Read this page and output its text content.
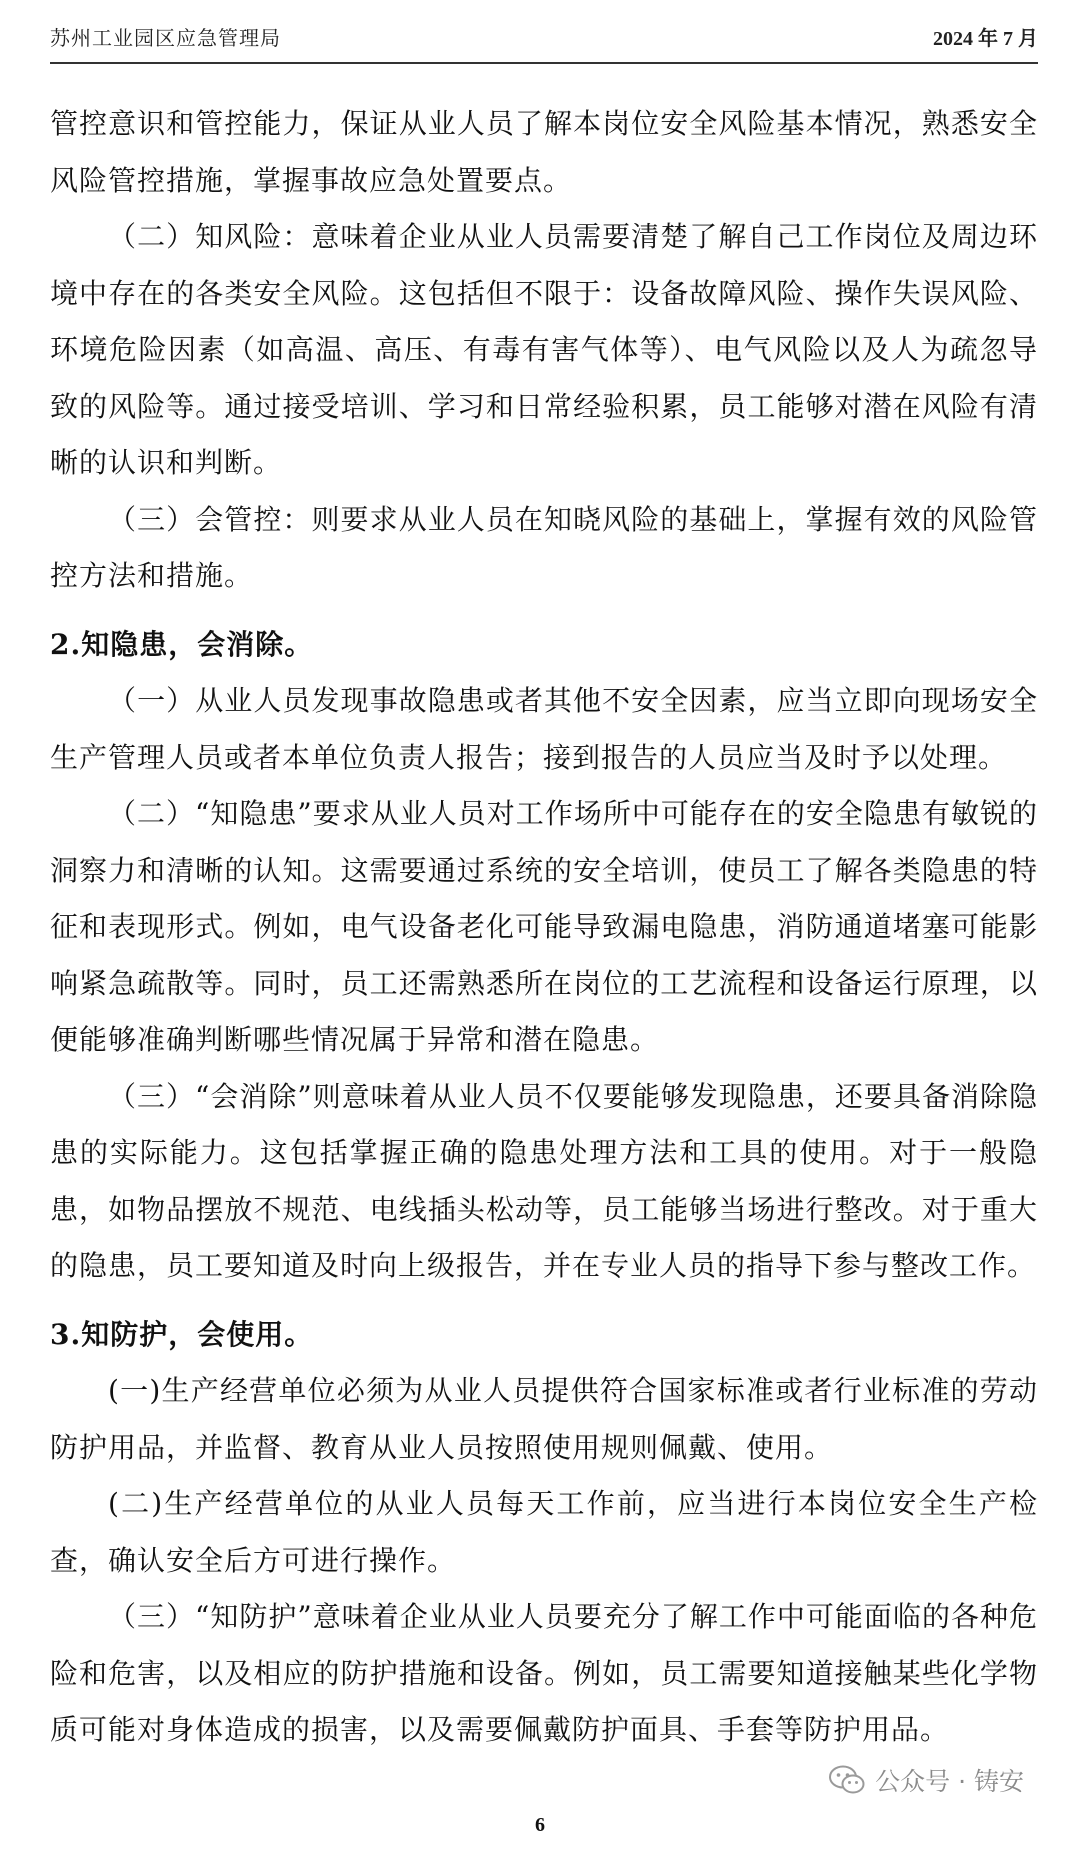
苏州工业园区应急管理局	2024 年 7 月

管控意识和管控能力，保证从业人员了解本岗位安全风险基本情况，熟悉安全风险管控措施，掌握事故应急处置要点。

（二）知风险：意味着企业从业人员需要清楚了解自己工作岗位及周边环境中存在的各类安全风险。这包括但不限于：设备故障风险、操作失误风险、环境危险因素（如高温、高压、有毒有害气体等）、电气风险以及人为疏忽导致的风险等。通过接受培训、学习和日常经验积累，员工能够对潜在风险有清晰的认识和判断。

（三）会管控：则要求从业人员在知晓风险的基础上，掌握有效的风险管控方法和措施。

2.知隐患，会消除。

（一）从业人员发现事故隐患或者其他不安全因素，应当立即向现场安全生产管理人员或者本单位负责人报告；接到报告的人员应当及时予以处理。

（二）“知隐患”要求从业人员对工作场所中可能存在的安全隐患有敏锐的洞察力和清晰的认知。这需要通过系统的安全培训，使员工了解各类隐患的特征和表现形式。例如，电气设备老化可能导致漏电隐患，消防通道堵塞可能影响紧急疏散等。同时，员工还需熟悉所在岗位的工艺流程和设备运行原理，以便能够准确判断哪些情况属于异常和潜在隐患。

（三）“会消除”则意味着从业人员不仅要能够发现隐患，还要具备消除隐患的实际能力。这包括掌握正确的隐患处理方法和工具的使用。对于一般隐患，如物品摆放不规范、电线插头松动等，员工能够当场进行整改。对于重大的隐患，员工要知道及时向上级报告，并在专业人员的指导下参与整改工作。

3.知防护，会使用。

(一)生产经营单位必须为从业人员提供符合国家标准或者行业标准的劳动防护用品，并监督、教育从业人员按照使用规则佩戴、使用。

(二)生产经营单位的从业人员每天工作前，应当进行本岗位安全生产检查，确认安全后方可进行操作。

（三）“知防护”意味着企业从业人员要充分了解工作中可能面临的各种危险和危害，以及相应的防护措施和设备。例如，员工需要知道接触某些化学物质可能对身体造成的损害，以及需要佩戴防护面具、手套等防护用品。

公众号 · 铸安
6
